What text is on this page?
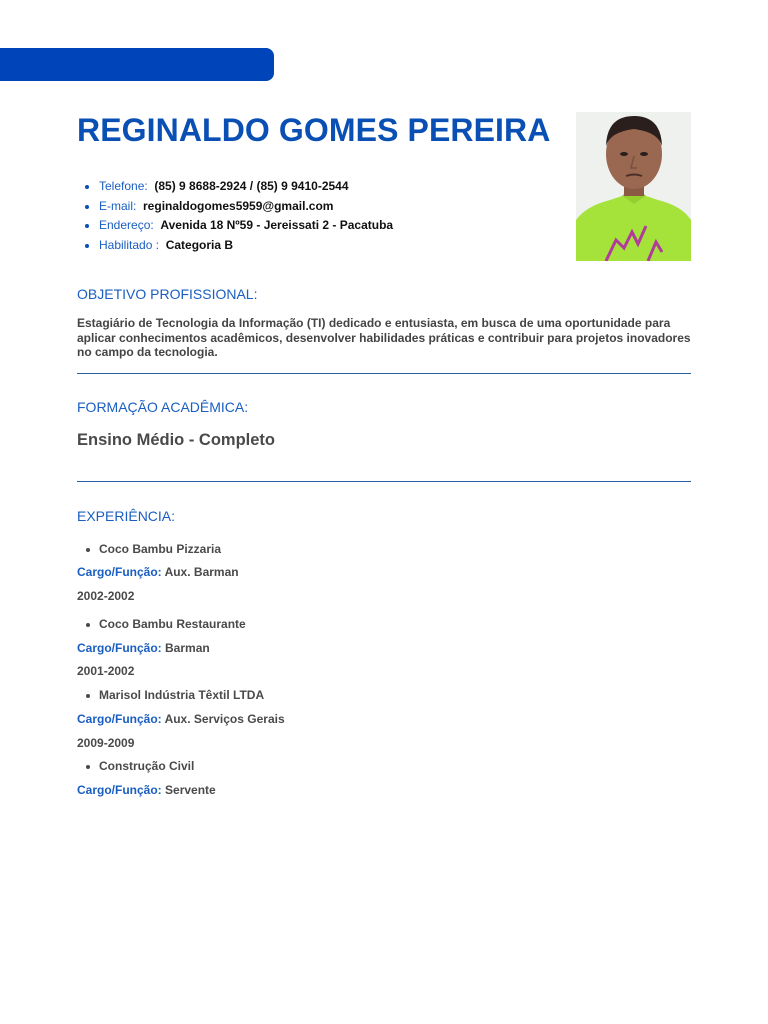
REGINALDO GOMES PEREIRA
Telefone: (85) 9 8688-2924 / (85) 9 9410-2544
E-mail: reginaldogomes5959@gmail.com
Endereço: Avenida 18 Nº59 - Jereissati 2 - Pacatuba
Habilitado : Categoria B
OBJETIVO PROFISSIONAL:

Estagiário de Tecnologia da Informação (TI) dedicado e entusiasta, em busca de uma oportunidade para aplicar conhecimentos acadêmicos, desenvolver habilidades práticas e contribuir para projetos inovadores no campo da tecnologia.

FORMAÇÃO ACADÊMICA:

Ensino Médio - Completo

EXPERIÊNCIA:

Coco Bambu Pizzaria

Cargo/Função: Aux. Barman

2002-2002

Coco Bambu Restaurante

Cargo/Função: Barman

2001-2002

Marisol Indústria Têxtil LTDA

Cargo/Função: Aux. Serviços Gerais

2009-2009

Construção Civil

Cargo/Função: Servente
